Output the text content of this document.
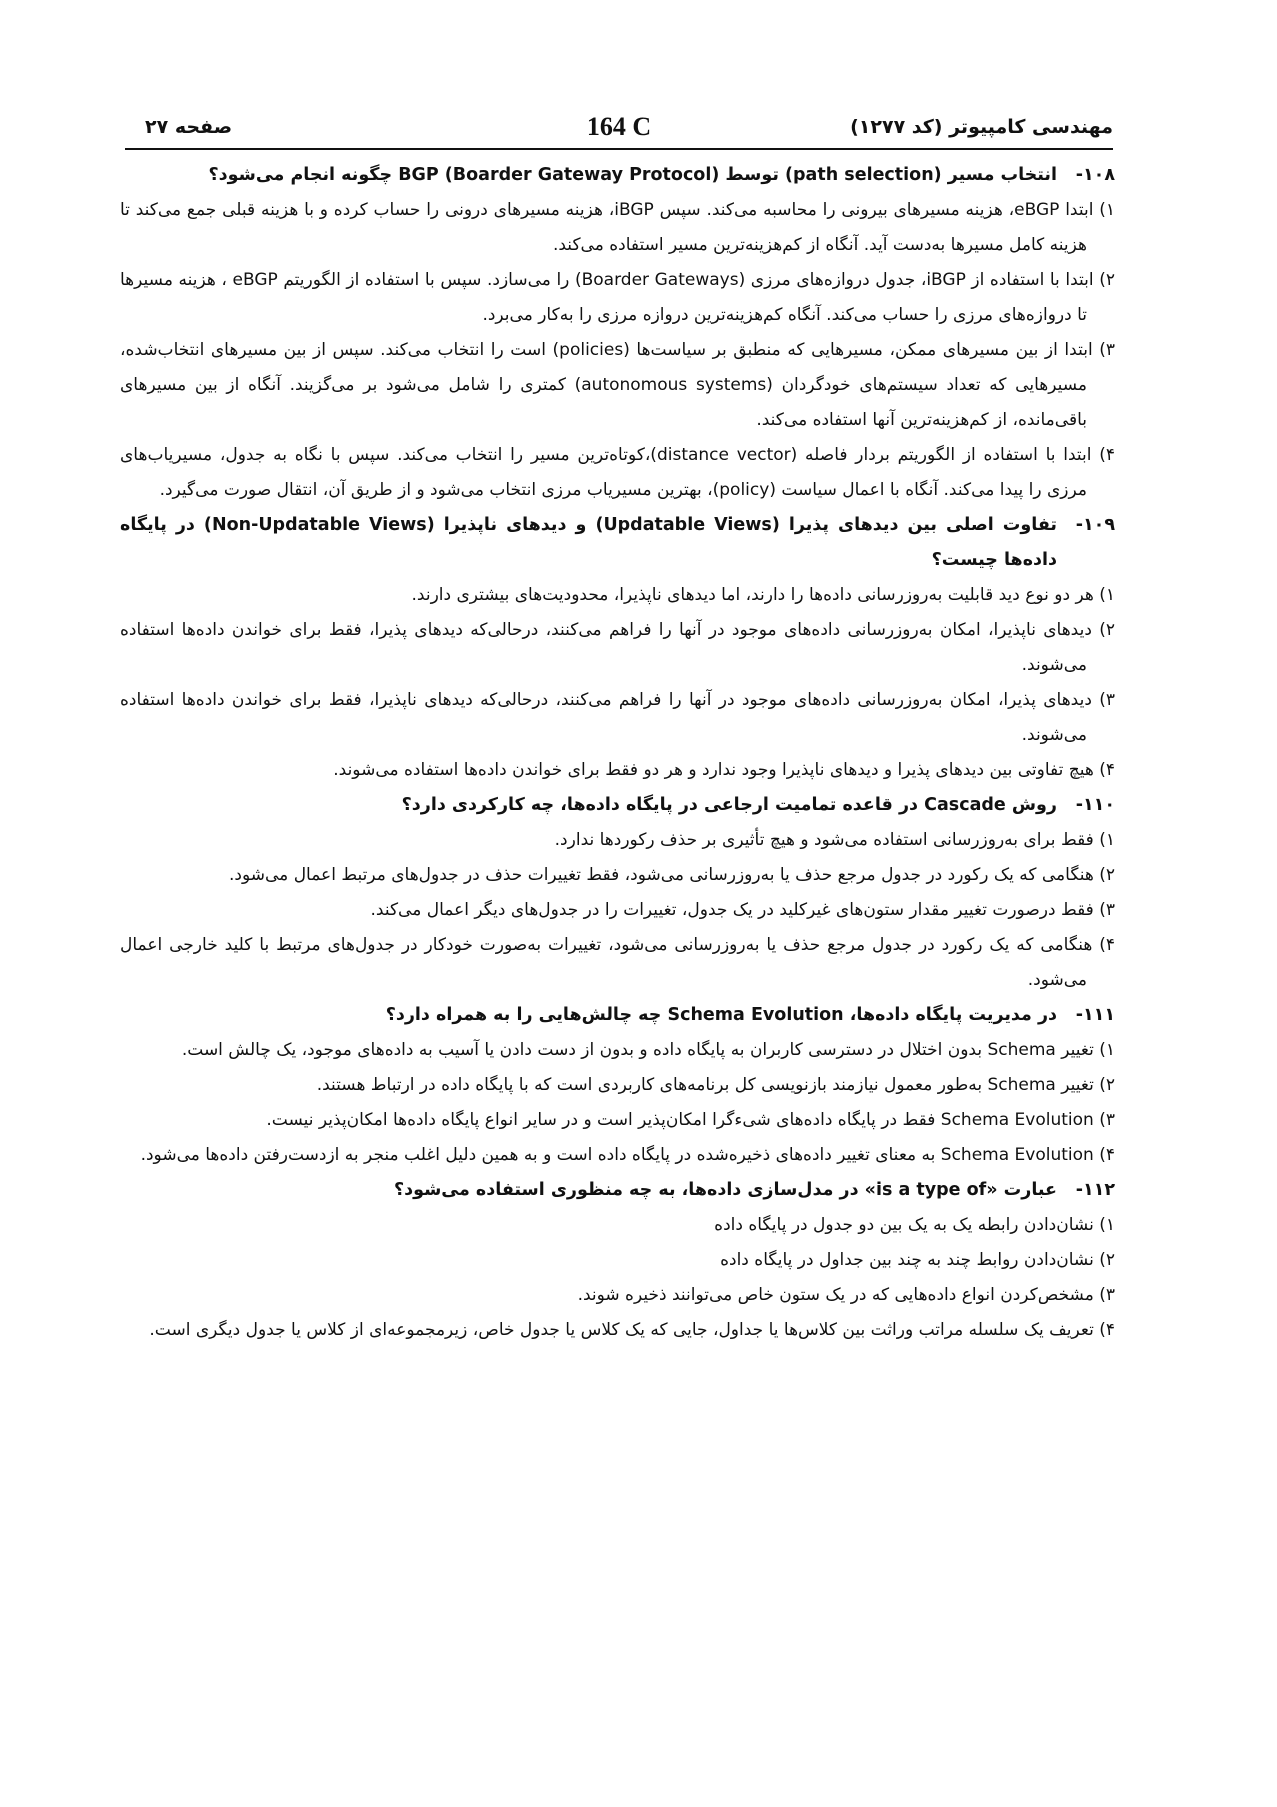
مهندسی کامپیوتر (کد ۱۲۷۷)
164 C
صفحه ۲۷
۱۰۸-
انتخاب مسیر (path selection) توسط BGP (Boarder Gateway Protocol) چگونه انجام می‌شود؟
۱) ابتدا eBGP، هزینه مسیرهای بیرونی را محاسبه می‌کند. سپس iBGP، هزینه مسیرهای درونی را حساب کرده و با هزینه قبلی جمع می‌کند تا هزینه کامل مسیرها به‌دست آید. آنگاه از کم‌هزینه‌ترین مسیر استفاده می‌کند.
۲) ابتدا با استفاده از iBGP، جدول دروازه‌های مرزی (Boarder Gateways) را می‌سازد. سپس با استفاده از الگوریتم eBGP ، هزینه مسیرها تا دروازه‌های مرزی را حساب می‌کند. آنگاه کم‌هزینه‌ترین دروازه مرزی را به‌کار می‌برد.
۳) ابتدا از بین مسیرهای ممکن، مسیرهایی که منطبق بر سیاست‌ها (policies) است را انتخاب می‌کند. سپس از بین مسیرهای انتخاب‌شده، مسیرهایی که تعداد سیستم‌های خودگردان (autonomous systems) کمتری را شامل می‌شود بر می‌گزیند. آنگاه از بین مسیرهای باقی‌مانده، از کم‌هزینه‌ترین آنها استفاده می‌کند.
۴) ابتدا با استفاده از الگوریتم بردار فاصله (distance vector)،کوتاه‌ترین مسیر را انتخاب می‌کند. سپس با نگاه به جدول، مسیریاب‌های مرزی را پیدا می‌کند. آنگاه با اعمال سیاست (policy)، بهترین مسیریاب مرزی انتخاب می‌شود و از طریق آن، انتقال صورت می‌گیرد.
۱۰۹-
تفاوت اصلی بین دیدهای پذیرا (Updatable Views) و دیدهای ناپذیرا (Non-Updatable Views) در پایگاه داده‌ها چیست؟
۱) هر دو نوع دید قابلیت به‌روزرسانی داده‌ها را دارند، اما دیدهای ناپذیرا، محدودیت‌های بیشتری دارند.
۲) دیدهای ناپذیرا، امکان به‌روزرسانی داده‌های موجود در آنها را فراهم می‌کنند، درحالی‌که دیدهای پذیرا، فقط برای خواندن داده‌ها استفاده می‌شوند.
۳) دیدهای پذیرا، امکان به‌روزرسانی داده‌های موجود در آنها را فراهم می‌کنند، درحالی‌که دیدهای ناپذیرا، فقط برای خواندن داده‌ها استفاده می‌شوند.
۴) هیچ تفاوتی بین دیدهای پذیرا و دیدهای ناپذیرا وجود ندارد و هر دو فقط برای خواندن داده‌ها استفاده می‌شوند.
۱۱۰-
روش Cascade در قاعده تمامیت ارجاعی در پایگاه داده‌ها، چه کارکردی دارد؟
۱) فقط برای به‌روزرسانی استفاده می‌شود و هیچ تأثیری بر حذف رکوردها ندارد.
۲) هنگامی که یک رکورد در جدول مرجع حذف یا به‌روزرسانی می‌شود، فقط تغییرات حذف در جدول‌های مرتبط اعمال می‌شود.
۳) فقط درصورت تغییر مقدار ستون‌های غیرکلید در یک جدول، تغییرات را در جدول‌های دیگر اعمال می‌کند.
۴) هنگامی که یک رکورد در جدول مرجع حذف یا به‌روزرسانی می‌شود، تغییرات به‌صورت خودکار در جدول‌های مرتبط با کلید خارجی اعمال می‌شود.
۱۱۱-
در مدیریت پایگاه داده‌ها، Schema Evolution چه چالش‌هایی را به همراه دارد؟
۱) تغییر Schema بدون اختلال در دسترسی کاربران به پایگاه داده و بدون از دست دادن یا آسیب به داده‌های موجود، یک چالش است.
۲) تغییر Schema به‌طور معمول نیازمند بازنویسی کل برنامه‌های کاربردی است که با پایگاه داده در ارتباط هستند.
۳) Schema Evolution فقط در پایگاه داده‌های شیءگرا امکان‌پذیر است و در سایر انواع پایگاه داده‌ها امکان‌پذیر نیست.
۴) Schema Evolution به معنای تغییر داده‌های ذخیره‌شده در پایگاه داده است و به همین دلیل اغلب منجر به ازدست‌رفتن داده‌ها می‌شود.
۱۱۲-
عبارت «is a type of» در مدل‌سازی داده‌ها، به چه منظوری استفاده می‌شود؟
۱) نشان‌دادن رابطه یک به یک بین دو جدول در پایگاه داده
۲) نشان‌دادن روابط چند به چند بین جداول در پایگاه داده
۳) مشخص‌کردن انواع داده‌هایی که در یک ستون خاص می‌توانند ذخیره شوند.
۴) تعریف یک سلسله مراتب وراثت بین کلاس‌ها یا جداول، جایی که یک کلاس یا جدول خاص، زیرمجموعه‌ای از کلاس یا جدول دیگری است.
